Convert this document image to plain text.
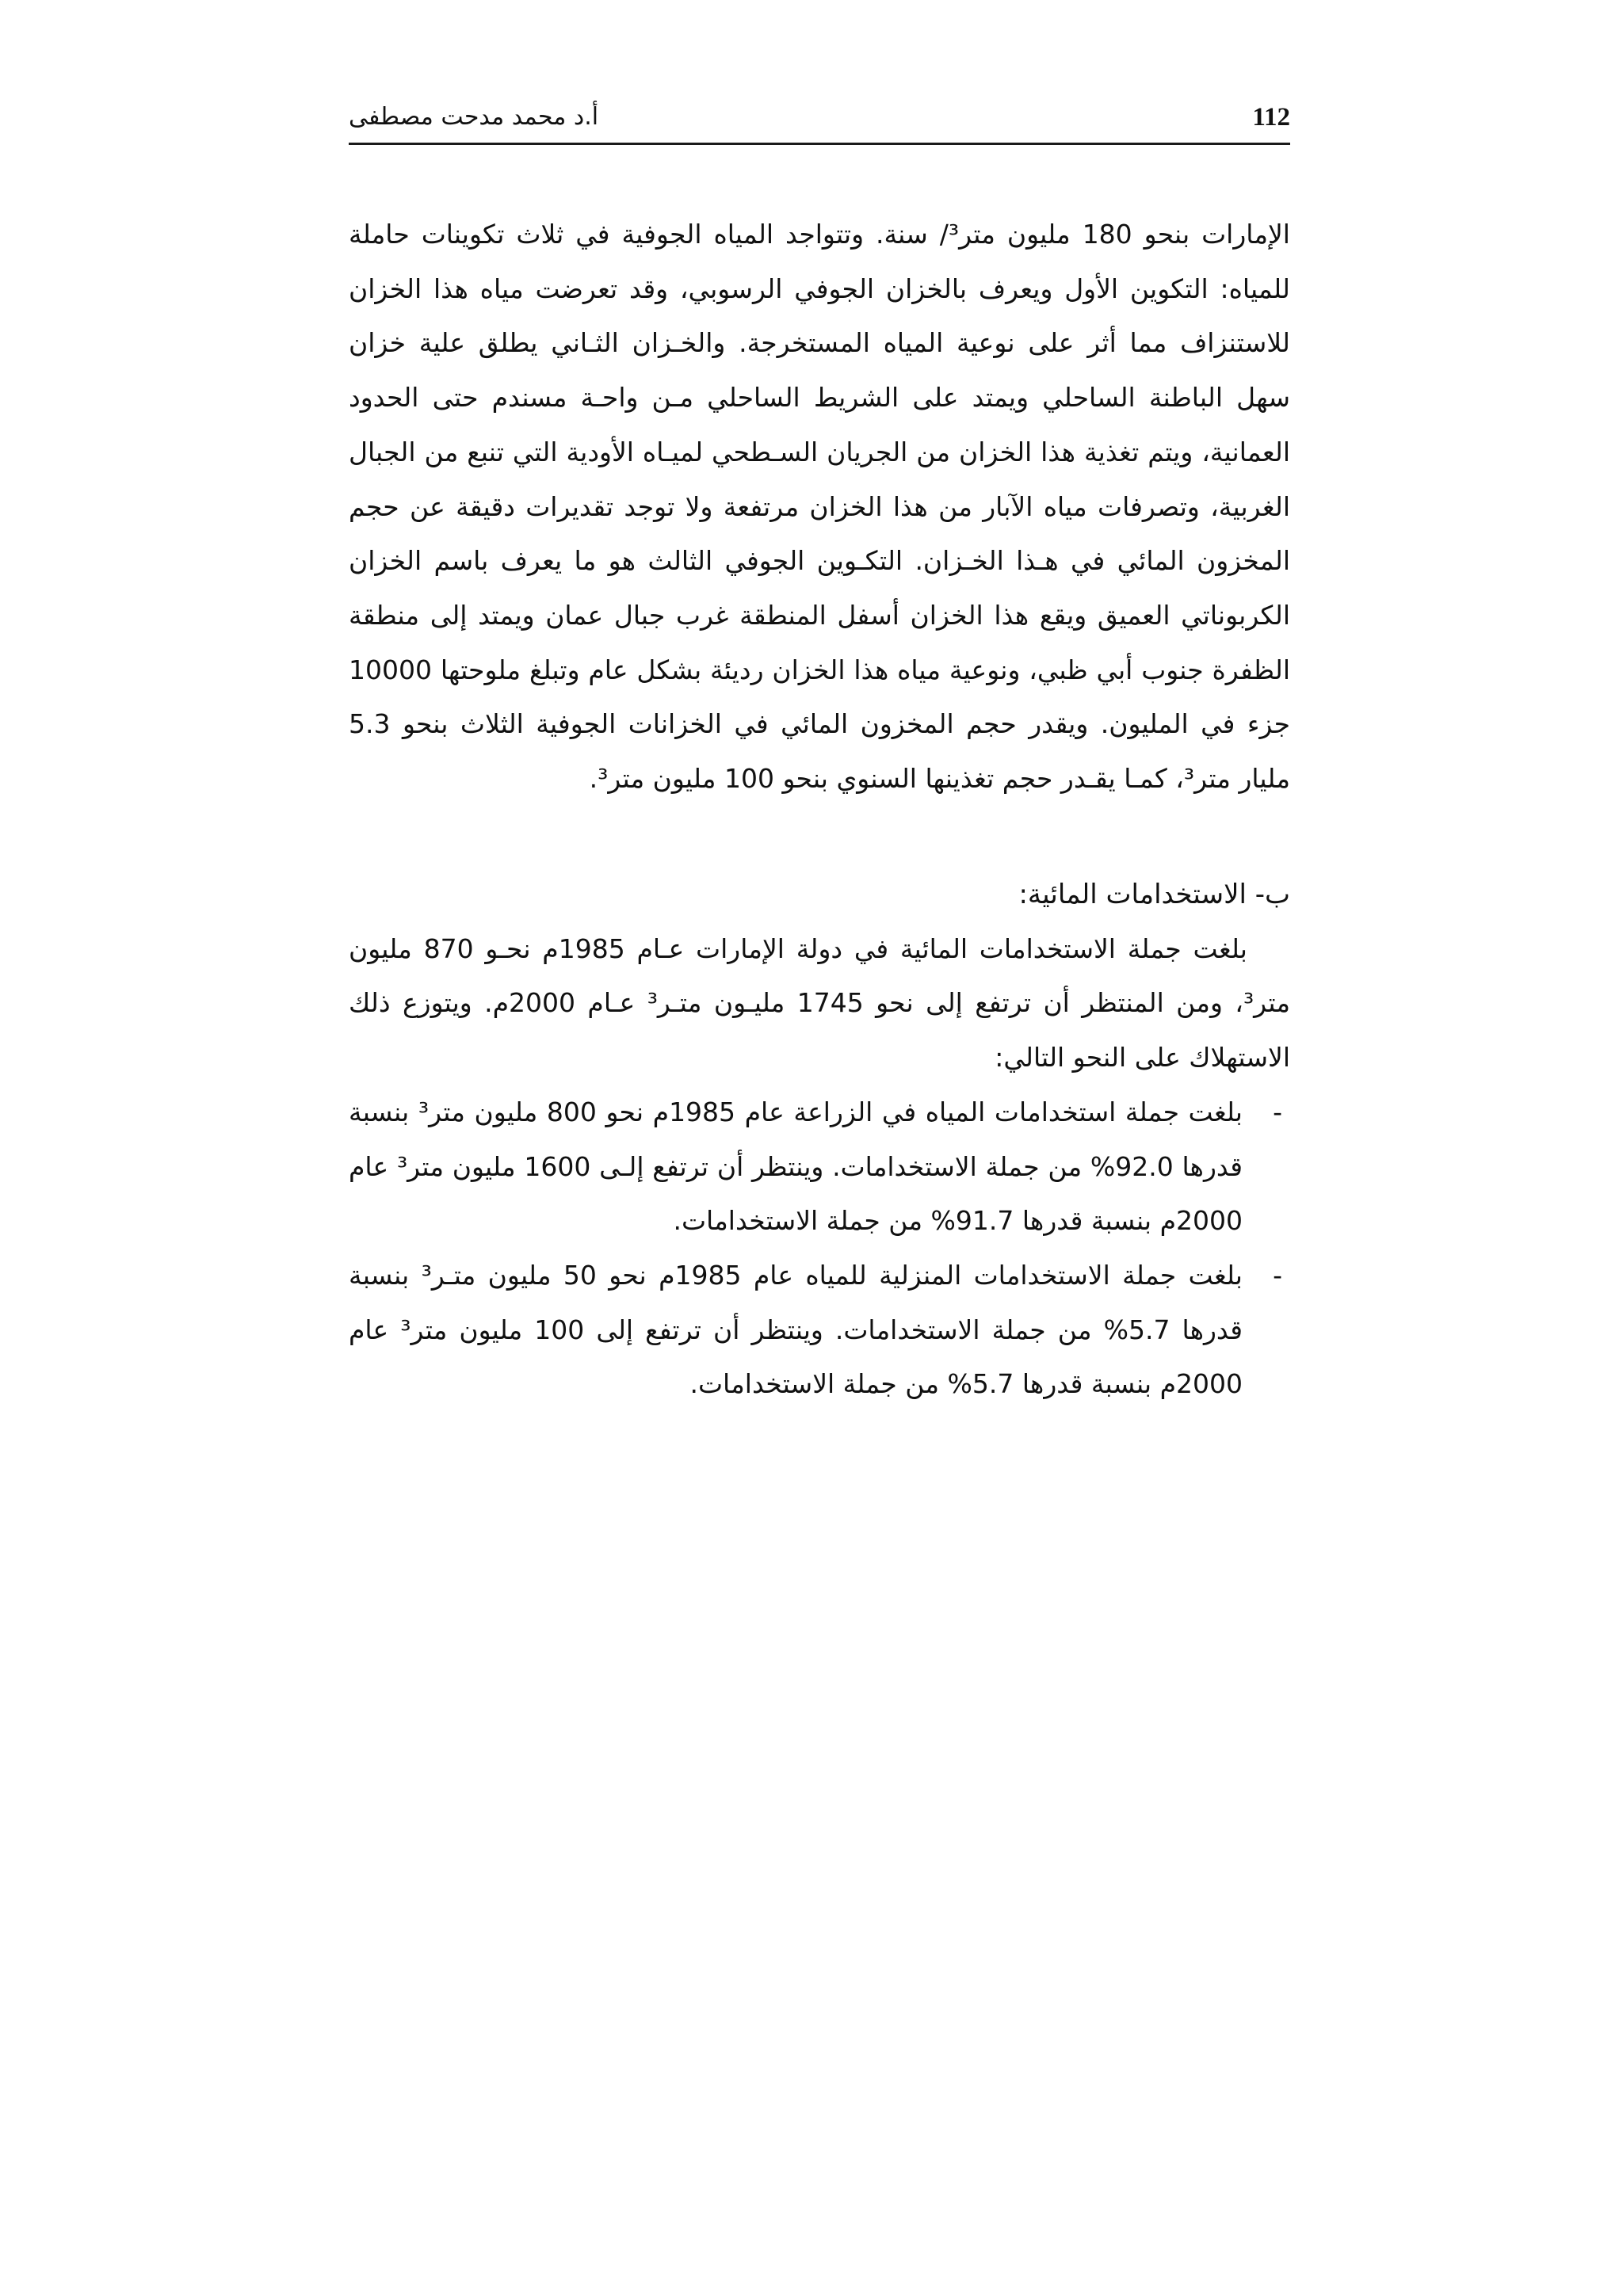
112
أ.د محمد مدحت مصطفى

الإمارات بنحو 180 مليون متر³/ سنة. وتتواجد المياه الجوفية في ثلاث تكوينات حاملة للمياه: التكوين الأول ويعرف بالخزان الجوفي الرسوبي، وقد تعرضت مياه هذا الخزان للاستنزاف مما أثر على نوعية المياه المستخرجة. والخـزان الثـاني يطلق علية خزان سهل الباطنة الساحلي ويمتد على الشريط الساحلي مـن واحـة مسندم حتى الحدود العمانية، ويتم تغذية هذا الخزان من الجريان السـطحي لميـاه الأودية التي تنبع من الجبال الغربية، وتصرفات مياه الآبار من هذا الخزان مرتفعة ولا توجد تقديرات دقيقة عن حجم المخزون المائي في هـذا الخـزان. التكـوين الجوفي الثالث هو ما يعرف باسم الخزان الكربوناتي العميق ويقع هذا الخزان أسفل المنطقة غرب جبال عمان ويمتد إلى منطقة الظفرة جنوب أبي ظبي، ونوعية مياه هذا الخزان رديئة بشكل عام وتبلغ ملوحتها 10000 جزء في المليون. ويقدر حجم المخزون المائي في الخزانات الجوفية الثلاث بنحو 5.3 مليار متر³، كمـا يقـدر حجم تغذينها السنوي بنحو 100 مليون متر³.

ب- الاستخدامات المائية:

بلغت جملة الاستخدامات المائية في دولة الإمارات عـام 1985م نحـو 870 مليون متر³، ومن المنتظر أن ترتفع إلى نحو 1745 مليـون متـر³ عـام 2000م. ويتوزع ذلك الاستهلاك على النحو التالي:

-
بلغت جملة استخدامات المياه في الزراعة عام 1985م نحو 800 مليون متر³ بنسبة قدرها 92.0% من جملة الاستخدامات. وينتظر أن ترتفع إلـى 1600 مليون متر³ عام 2000م بنسبة قدرها 91.7% من جملة الاستخدامات.
-
بلغت جملة الاستخدامات المنزلية للمياه عام 1985م نحو 50 مليون متـر³ بنسبة قدرها 5.7% من جملة الاستخدامات. وينتظر أن ترتفع إلى 100 مليون متر³ عام 2000م بنسبة قدرها 5.7% من جملة الاستخدامات.
